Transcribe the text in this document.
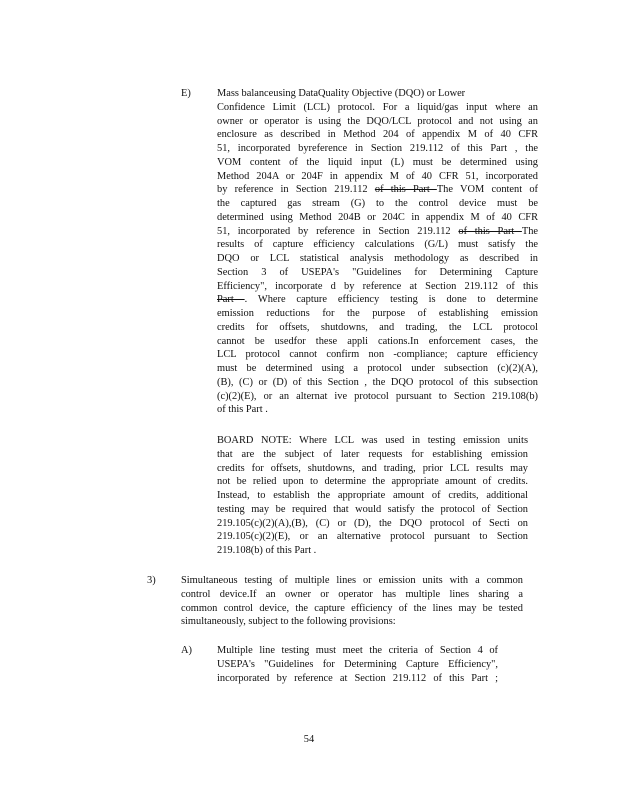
E)	Mass balanceusing DataQuality Objective (DQO) or Lower
Confidence Limit (LCL) protocol. For a liquid/gas input where an
owner or operator is using the DQO/LCL protocol and not using an
enclosure as described in Method 204 of appendix M of 40 CFR
51, incorporated byreference in Section 219.112 of this Part , the
VOM content of the liquid input (L) must be determined using
Method 204A or 204F in appendix M of 40 CFR 51, incorporated
by reference in Section 219.112 of this Part The VOM content of
the captured gas stream (G) to the control device must be
determined using Method 204B or 204C in appendix M of 40 CFR
51, incorporated by reference in Section 219.112 of this Part The
results of capture efficiency calculations (G/L) must satisfy the
DQO or LCL statistical analysis methodology as described in
Section 3 of USEPA's "Guidelines for Determining Capture
Efficiency", incorporate d by reference at Section 219.112 of this
Part . Where capture efficiency testing is done to determine
emission reductions for the purpose of establishing emission
credits for offsets, shutdowns, and trading, the LCL protocol
cannot be usedfor these appli cations.In enforcement cases, the
LCL protocol cannot confirm non -compliance; capture efficiency
must be determined using a protocol under subsection (c)(2)(A),
(B), (C) or (D) of this Section , the DQO protocol of this subsection
(c)(2)(E), or an alternat ive protocol pursuant to Section 219.108(b)
of this Part .
BOARD NOTE: Where LCL was used in testing emission units
that are the subject of later requests for establishing emission
credits for offsets, shutdowns, and trading, prior LCL results may
not be relied upon to determine the appropriate amount of credits.
Instead, to establish the appropriate amount of credits, additional
testing may be required that would satisfy the protocol of Section
219.105(c)(2)(A),(B), (C) or (D), the DQO protocol of Secti on
219.105(c)(2)(E), or an alternative protocol pursuant to Section
219.108(b) of this Part .
3) Simultaneous testing of multiple lines or emission units with a common
control device.If an owner or operator has multiple lines sharing a
common control device, the capture efficiency of the lines may be tested
simultaneously, subject to the following provisions:
A) Multiple line testing must meet the criteria of Section 4 of
USEPA's "Guidelines for Determining Capture Efficiency",
incorporated by reference at Section 219.112 of this Part ;
54
